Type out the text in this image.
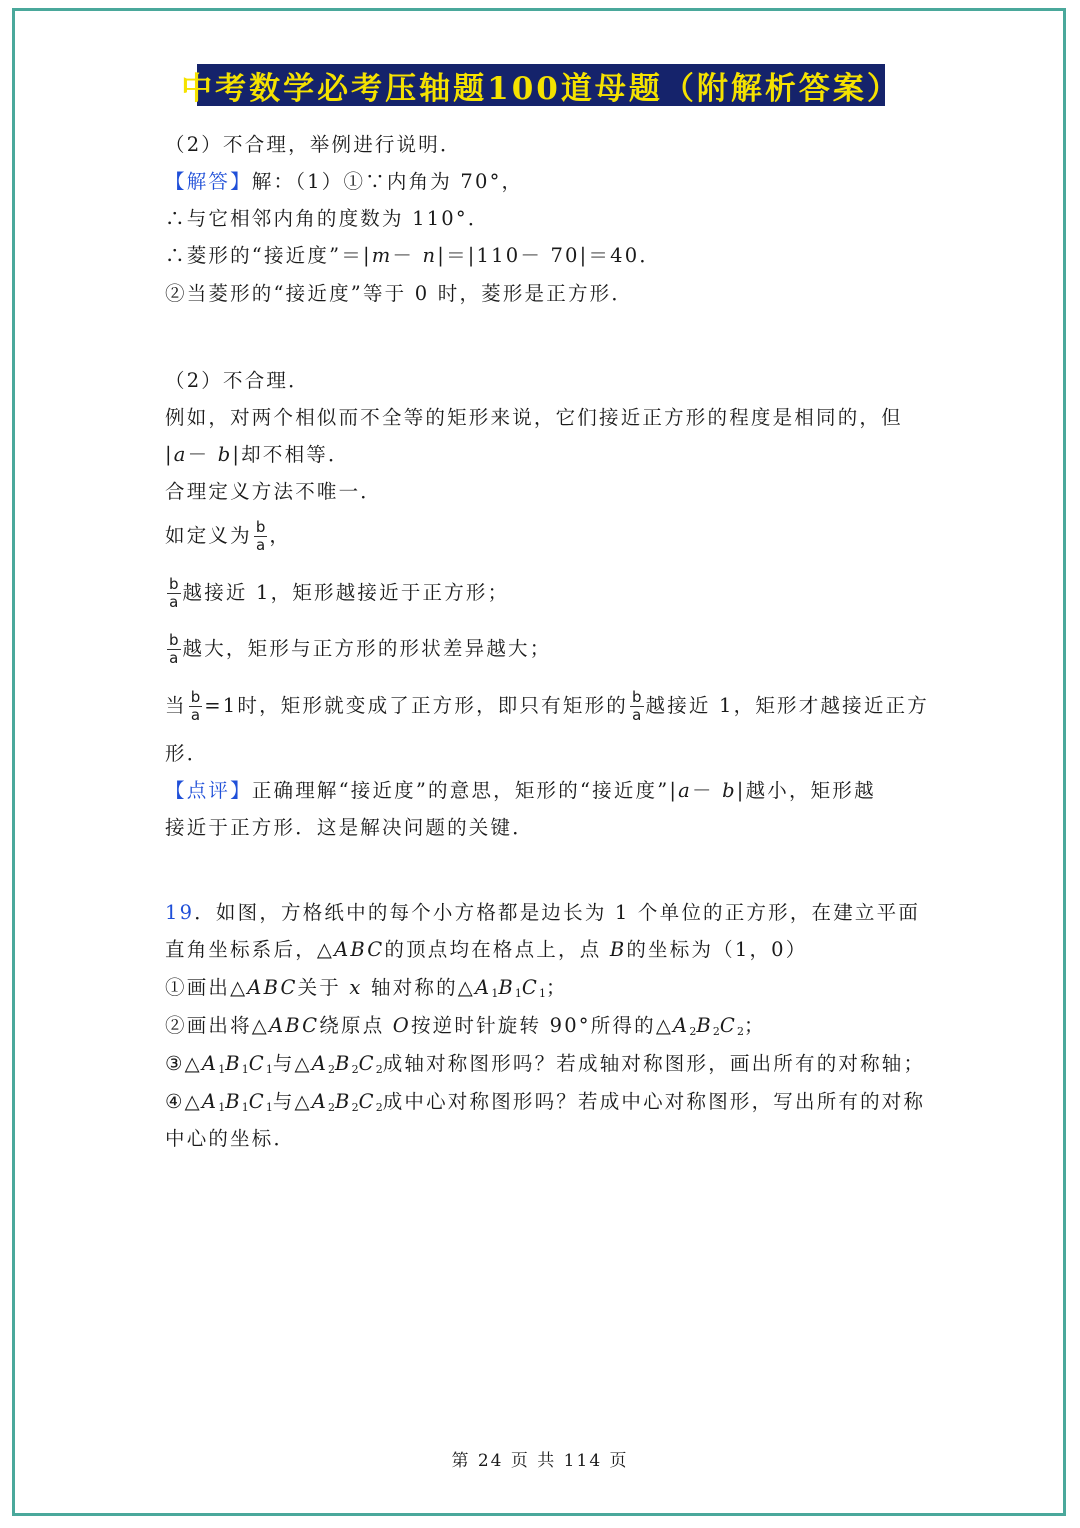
中考数学必考压轴题100道母题（附解析答案）
（2）不合理，举例进行说明．
【解答】解：（1）①∵内角为 70°，
∴与它相邻内角的度数为 110°．
∴菱形的“接近度”＝|m－ n|＝|110－ 70|＝40．
②当菱形的“接近度”等于 0 时，菱形是正方形．
（2）不合理．
例如，对两个相似而不全等的矩形来说，它们接近正方形的程度是相同的，但
|a－ b|却不相等．
合理定义方法不唯一．
如定义为 $\frac{b}{a}$ ，
$\frac{b}{a}$ 越接近 1，矩形越接近于正方形；
$\frac{b}{a}$ 越大，矩形与正方形的形状差异越大；
当 $\frac{b}{a} =1$时，矩形就变成了正方形，即只有矩形的 $\frac{b}{a}$ 越接近 1，矩形才越接近正方
形．
【点评】正确理解“接近度”的意思，矩形的“接近度”|a－ b|越小，矩形越
接近于正方形．这是解决问题的关键．
19．如图，方格纸中的每个小方格都是边长为 1 个单位的正方形，在建立平面
直角坐标系后，△ABC的顶点均在格点上，点 B的坐标为（1，0）
①画出△ABC关于 x 轴对称的$\triangle A_1B_1C_1$；
②画出将△ABC绕原点 O按逆时针旋转 90°所得的$\triangle A_2B_2C_2$；
$③\triangle A_1B_1C_1$与$\triangle A_2B_2C_2$成轴对称图形吗？若成轴对称图形，画出所有的对称轴；
$④\triangle A_1B_1C_1$与$\triangle A_2B_2C_2$成中心对称图形吗？若成中心对称图形，写出所有的对称
中心的坐标．
第 24 页 共 114 页
